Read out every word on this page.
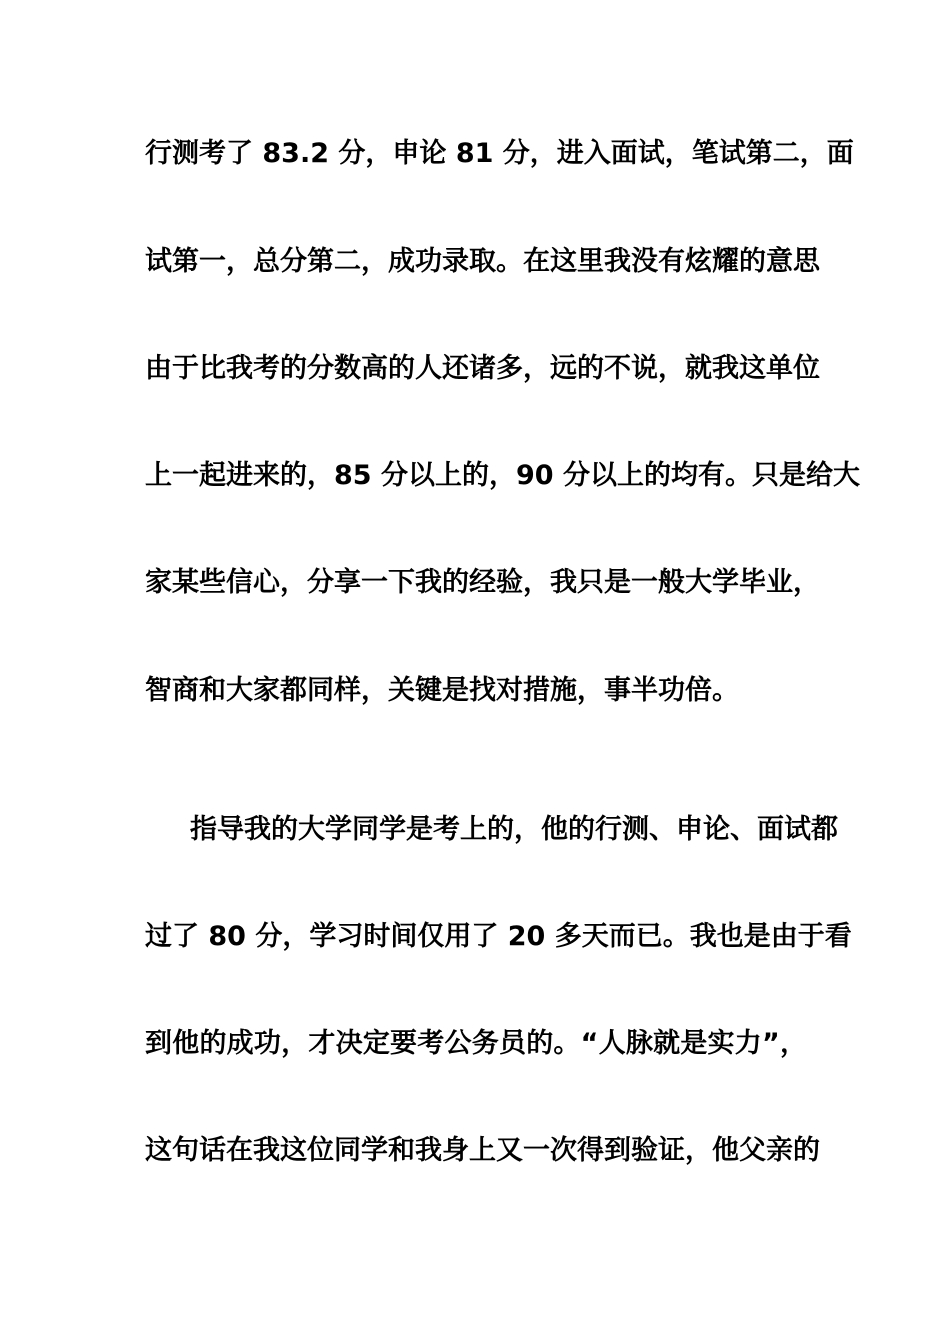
行测考了 83.2 分，申论 81 分，进入面试，笔试第二，面
试第一，总分第二，成功录取。在这里我没有炫耀的意思
由于比我考的分数高的人还诸多，远的不说，就我这单位
上一起进来的，85 分以上的，90 分以上的均有。只是给大
家某些信心，分享一下我的经验，我只是一般大学毕业，
智商和大家都同样，关键是找对措施，事半功倍。
指导我的大学同学是考上的，他的行测、申论、面试都
过了 80 分，学习时间仅用了 20 多天而已。我也是由于看
到他的成功，才决定要考公务员的。“人脉就是实力”，
这句话在我这位同学和我身上又一次得到验证，他父亲的
